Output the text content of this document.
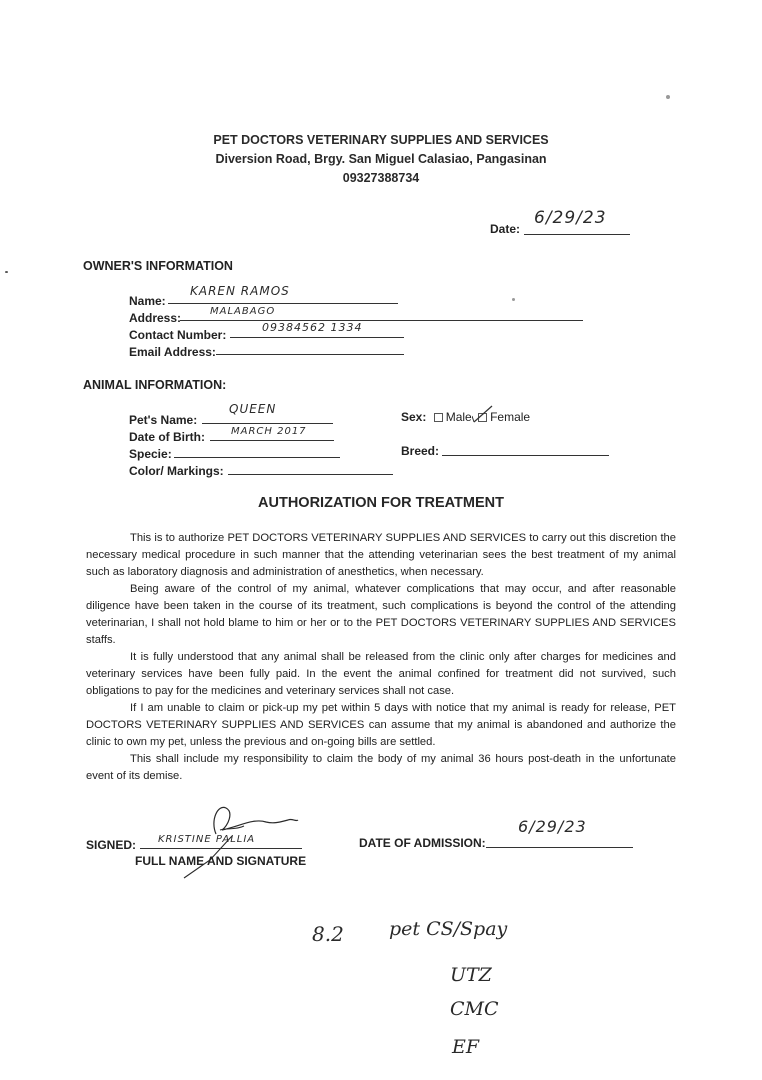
PET DOCTORS VETERINARY SUPPLIES AND SERVICES
Diversion Road, Brgy. San Miguel Calasiao, Pangasinan
09327388734
Date:
6/29/23
OWNER'S INFORMATION
Name:
KAREN RAMOS
Address:	MALABAGO
Contact Number:
09384562 1334
Email Address:
ANIMAL INFORMATION:
Pet's Name:
QUEEN
Date of Birth:	MARCH 2017
Specie:
Color/ Markings:
Sex: Male Female
Breed:
AUTHORIZATION FOR TREATMENT

This is to authorize PET DOCTORS VETERINARY SUPPLIES AND SERVICES to carry out this discretion the necessary medical procedure in such manner that the attending veterinarian sees the best treatment of my animal such as laboratory diagnosis and administration of anesthetics, when necessary.

Being aware of the control of my animal, whatever complications that may occur, and after reasonable diligence have been taken in the course of its treatment, such complications is beyond the control of the attending veterinarian, I shall not hold blame to him or her or to the PET DOCTORS VETERINARY SUPPLIES AND SERVICES staffs.

It is fully understood that any animal shall be released from the clinic only after charges for medicines and veterinary services have been fully paid. In the event the animal confined for treatment did not survived, such obligations to pay for the medicines and veterinary services shall not case.

If I am unable to claim or pick-up my pet within 5 days with notice that my animal is ready for release, PET DOCTORS VETERINARY SUPPLIES AND SERVICES can assume that my animal is abandoned and authorize the clinic to own my pet, unless the previous and on-going bills are settled.

This shall include my responsibility to claim the body of my animal 36 hours post-death in the unfortunate event of its demise.

SIGNED: KRISTINE PALLIA
FULL NAME AND SIGNATURE
DATE OF ADMISSION:
6/29/23
8.2 pet CS/Spay
UTZ
CMC
EF
